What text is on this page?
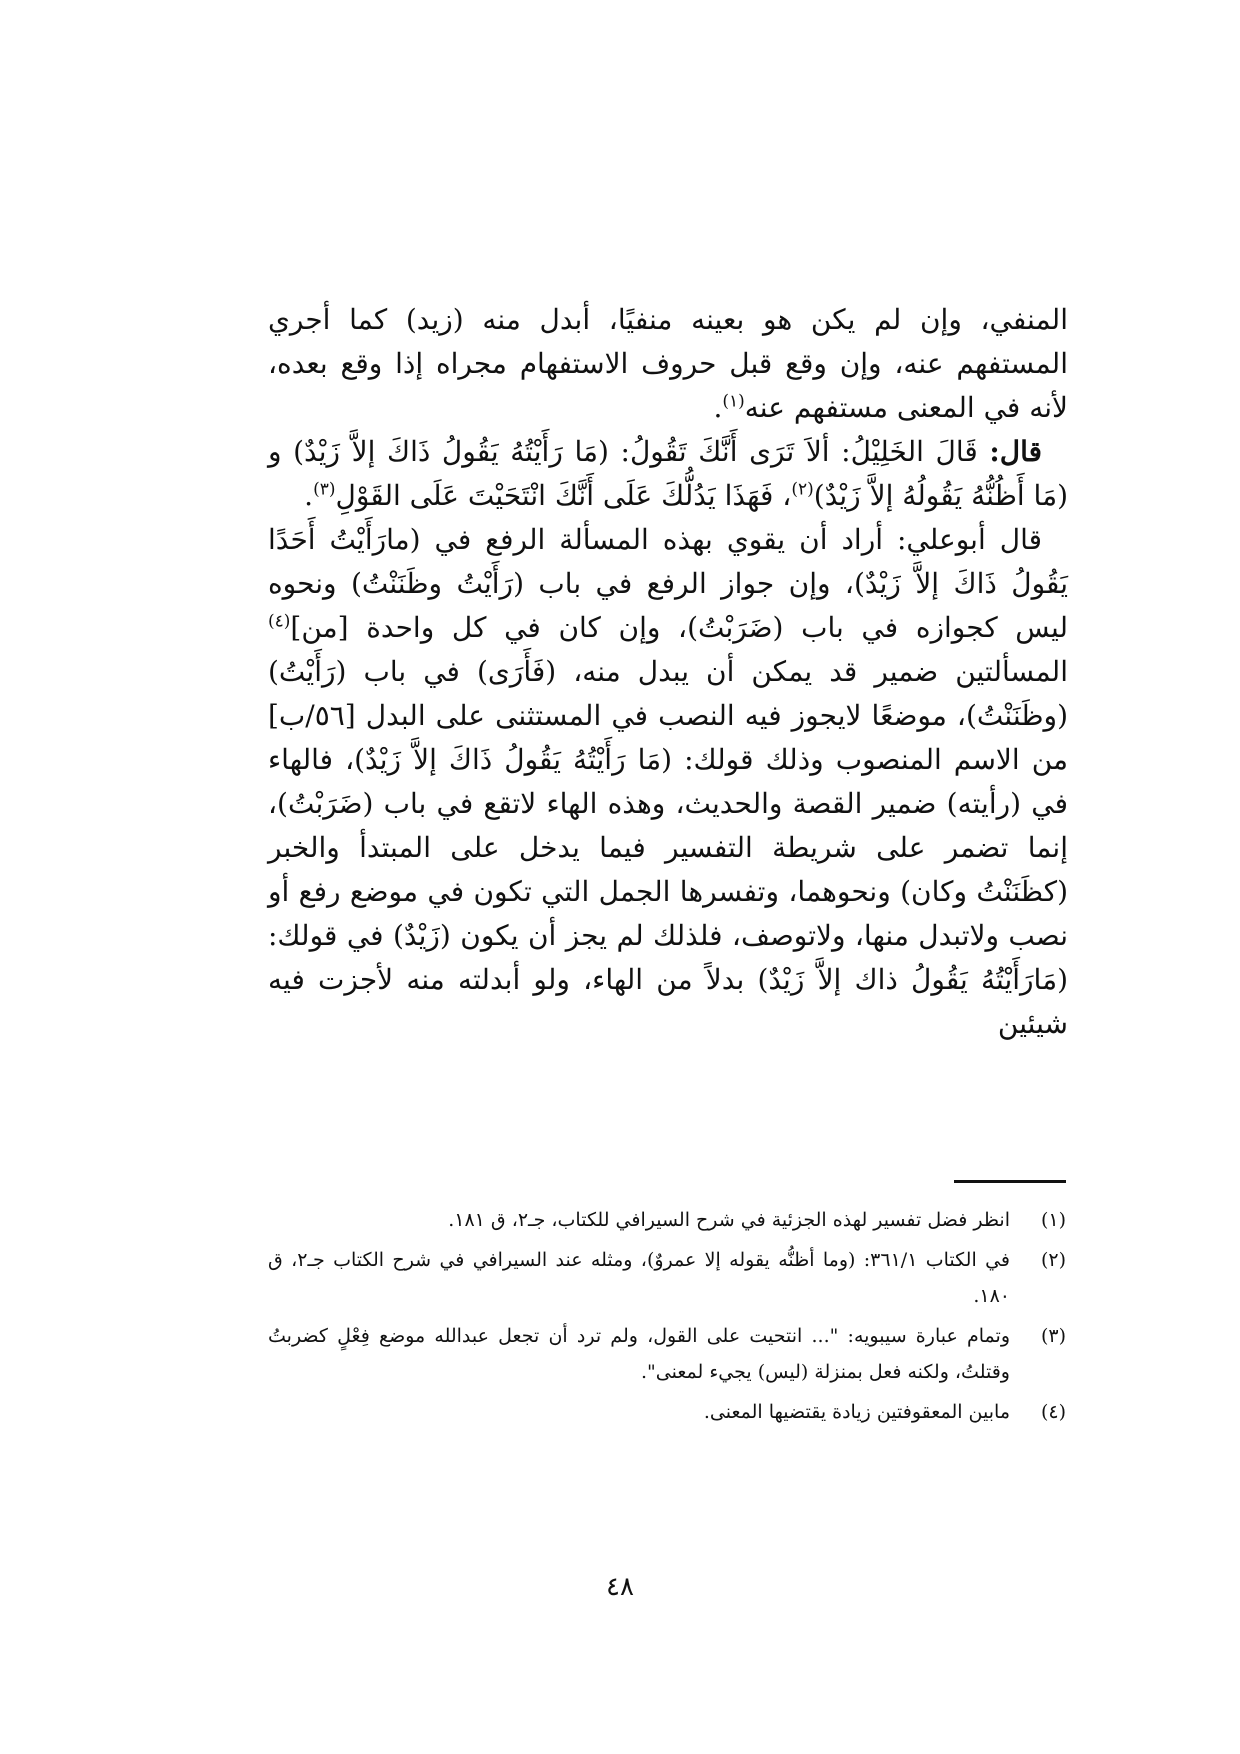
المنفي، وإن لم يكن هو بعينه منفيًا، أبدل منه (زيد) كما أجري المستفهم عنه، وإن وقع قبل حروف الاستفهام مجراه إذا وقع بعده، لأنه في المعنى مستفهم عنه$^{(١)}$.

قال: قَالَ الخَلِيْلُ: ألاَ تَرَى أَنَّكَ تَقُولُ: (مَا رَأَيْتُهُ يَقُولُ ذَاكَ إلاَّ زَيْدٌ) و (مَا أَظُنُّهُ يَقُولُهُ إلاَّ زَيْدٌ)$^{(٢)}$، فَهَذَا يَدُلُّكَ عَلَى أَنَّكَ انْتَحَيْتَ عَلَى القَوْلِ$^{(٣)}$.

قال أبوعلي: أراد أن يقوي بهذه المسألة الرفع في (مارَأَيْتُ أَحَدًا يَقُولُ ذَاكَ إلاَّ زَيْدٌ)، وإن جواز الرفع في باب (رَأَيْتُ وظَنَنْتُ) ونحوه ليس كجوازه في باب (ضَرَبْتُ)، وإن كان في كل واحدة [من]$^{(٤)}$ المسألتين ضمير قد يمكن أن يبدل منه، (فَأَرَى) في باب (رَأَيْتُ) (وظَنَنْتُ)، موضعًا لايجوز فيه النصب في المستثنى على البدل [٥٦/ب] من الاسم المنصوب وذلك قولك: (مَا رَأَيْتُهُ يَقُولُ ذَاكَ إلاَّ زَيْدٌ)، فالهاء في (رأيته) ضمير القصة والحديث، وهذه الهاء لاتقع في باب (ضَرَبْتُ)، إنما تضمر على شريطة التفسير فيما يدخل على المبتدأ والخبر (كظَنَنْتُ وكان) ونحوهما، وتفسرها الجمل التي تكون في موضع رفع أو نصب ولاتبدل منها، ولاتوصف، فلذلك لم يجز أن يكون (زَيْدٌ) في قولك: (مَارَأَيْتُهُ يَقُولُ ذاك إلاَّ زَيْدٌ) بدلاً من الهاء، ولو أبدلته منه لأجزت فيه شيئين

(١)
انظر فضل تفسير لهذه الجزئية في شرح السيرافي للكتاب، جـ٢، ق ١٨١.
(٢)
في الكتاب ٣٦١/١: (وما أظنُّه يقوله إلا عمروٌ)، ومثله عند السيرافي في شرح الكتاب جـ٢، ق ١٨٠.
(٣)
وتمام عبارة سيبويه: "... انتحيت على القول، ولم ترد أن تجعل عبدالله موضع فِعْلٍ كضربتُ وقتلتُ، ولكنه فعل بمنزلة (ليس) يجيء لمعنى".
(٤)
مابين المعقوفتين زيادة يقتضيها المعنى.
٤٨
